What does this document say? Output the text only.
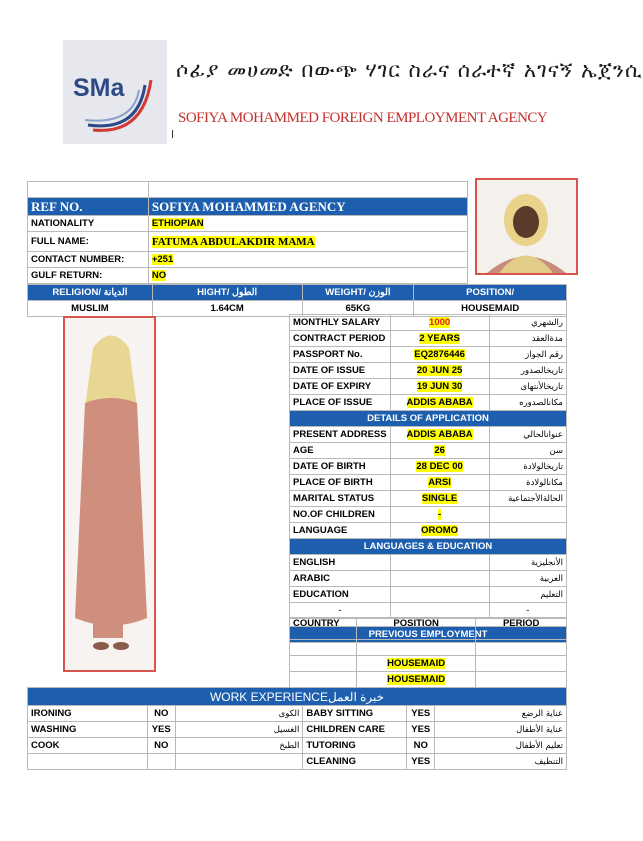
SMa
ሶፊያ መሀመድ በውጭ ሃገር ስራና ሰራተኛ አገናኝ ኤጀንሲ
SOFIYA MOHAMMED FOREIGN EMPLOYMENT AGENCY

REF NO.	SOFIYA MOHAMMED AGENCY
NATIONALITY	ETHIOPIAN
FULL NAME:	FATUMA ABDULAKDIR MAMA
CONTACT NUMBER:	+251
GULF RETURN:	NO
RELIGION/ الديانة	HIGHT/ الطول	WEIGHT/ الوزن	POSITION/
MUSLIM	1.64CM	65KG	HOUSEMAID
MONTHLY SALARY	1000	رالشهري
CONTRACT PERIOD	2 YEARS	مدةالعقد
PASSPORT No.	EQ2876446	رقم الجواز
DATE OF ISSUE	20 JUN 25	تاريخالصدور
DATE OF EXPIRY	19 JUN 30	تاريخالأنتهاى
PLACE OF ISSUE	ADDIS ABABA	مكانالصدوره
DETAILS OF APPLICATION		
PRESENT ADDRESS	ADDIS ABABA	عنوانالحالي
AGE	26	سن
DATE OF BIRTH	28 DEC 00	تاريخالولادة
PLACE OF BIRTH	ARSI	مكانالولادة
MARITAL STATUS	SINGLE	الحالةالأجتماعية
NO.OF CHILDREN	-	
LANGUAGE	OROMO	
LANGUAGES & EDUCATION		
ENGLISH		الأنجليزية
ARABIC		العربية
EDUCATION		التعليم
-		-

PREVIOUS EMPLOYMENT		
COUNTRY	POSITION	PERIOD

	HOUSEMAID	
	HOUSEMAID	

WORK EXPERIENCEخبرة العمل					
IRONING	NO	الكوى	BABY SITTING	YES	عناية الرضع
WASHING	YES	الغسيل	CHILDREN CARE	YES	عناية الأطفال
COOK	NO	الطبخ	TUTORING	NO	تعليم الأطفال
			CLEANING	YES	التنظيف
